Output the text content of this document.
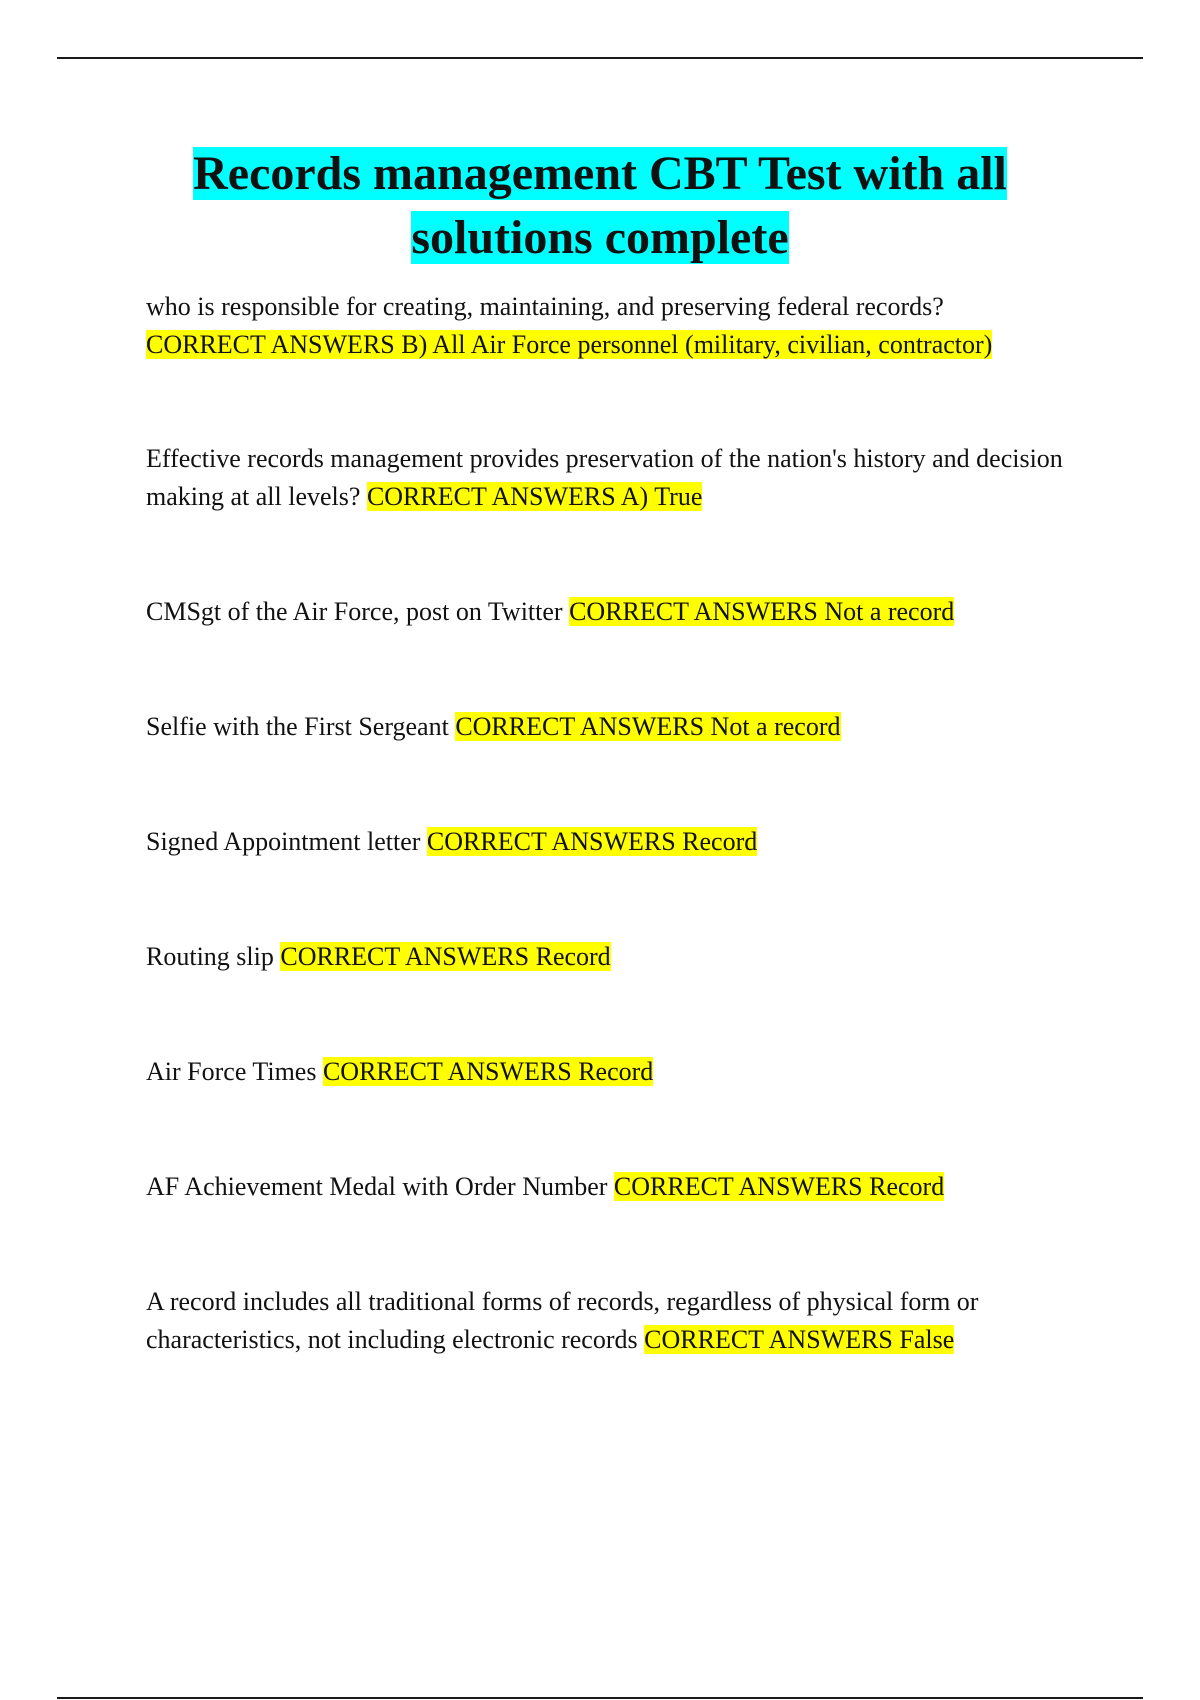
Records management CBT Test with all solutions complete

who is responsible for creating, maintaining, and preserving federal records?
CORRECT ANSWERS B) All Air Force personnel (military, civilian, contractor)

Effective records management provides preservation of the nation's history and decision making at all levels? CORRECT ANSWERS A) True

CMSgt of the Air Force, post on Twitter CORRECT ANSWERS Not a record

Selfie with the First Sergeant CORRECT ANSWERS Not a record

Signed Appointment letter CORRECT ANSWERS Record

Routing slip CORRECT ANSWERS Record

Air Force Times CORRECT ANSWERS Record

AF Achievement Medal with Order Number CORRECT ANSWERS Record

A record includes all traditional forms of records, regardless of physical form or characteristics, not including electronic records CORRECT ANSWERS False
